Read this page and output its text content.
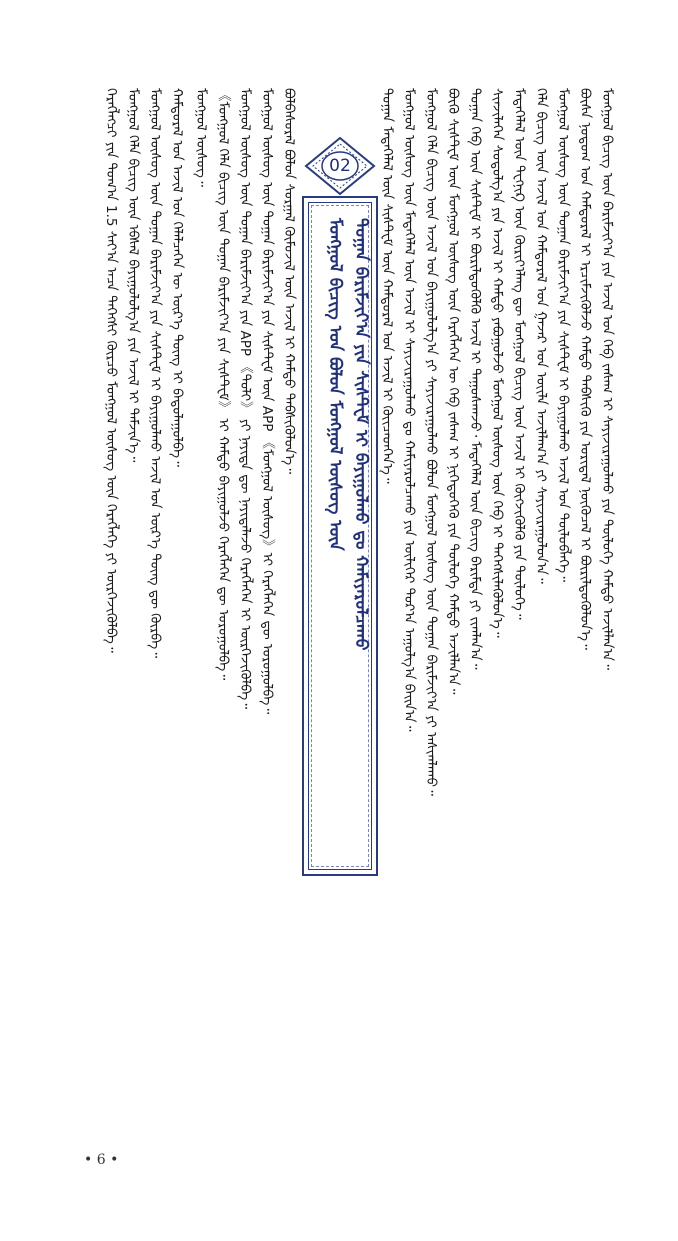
ᠮᠣᠩᠭᠣᠯ ᠦᠰᠦᠭ ᠦᠨ ᠮᠡᠳᠡᠭᠡᠯᠡᠯ ᠦᠨ ᠠᠵᠢᠯ ᠢ ᠰᠠᠶᠢᠵᠢᠷᠠᠭᠤᠯᠬᠤ ᠳᠤ ᠬᠠᠮᠢᠶᠠᠷᠤᠯᠴᠠᠬᠤ ᠶᠢᠨ ᠦᠯᠢᠭᠡᠷ ᠳᠣᠷ᠎ᠠ ᠠᠭᠤᠯᠭ᠎ᠠ ᠪᠠᠢᠨ᠎ᠠ᠃ ᠮᠣᠩᠭᠣᠯ ᠬᠡᠯᠡ ᠪᠢᠴᠢᠭ ᠦᠨ ᠠᠵᠢᠯ ᠤᠨ ᠪᠠᠶᠢᠭᠤᠯᠤᠯᠭ᠎ᠠ ᠶᠢ ᠰᠠᠶᠢᠵᠢᠷᠠᠭᠤᠯᠬᠤ ᠪᠣᠯᠤᠨ ᠮᠣᠩᠭᠣᠯ ᠦᠰᠦᠭ ᠦᠨ ᠲᠣᠭᠠᠨ ᠪᠠᠷᠢᠮᠵᠢᠶ᠎ᠠ ᠶᠢ ᠠᠰᠢᠭᠯᠠᠬᠤ᠃ ᠪᠦᠬᠦ ᠰᠢᠰᠲ᠋ᠧᠮ ᠦᠨ ᠮᠣᠩᠭᠣᠯ ᠦᠰᠦᠭ ᠦᠨ ᠬᠡᠷᠡᠭᠯᠡᠭᠡᠨ ᠦ ᠬᠡᠪ ᠵᠠᠰᠠᠭ ᠢ ᠨᠢᠭᠡᠳᠦᠭᠡᠬᠦ ᠶᠢᠨ ᠲᠥᠯᠥᠭᠡ ᠬᠠᠮᠲᠤ ᠠᠵᠢᠯᠯᠠᠨ᠎ᠠ᠃ ᠲᠣᠭᠠᠨ ᠬᠡᠪ ᠦᠨ ᠰᠢᠰᠲ᠋ᠧᠮ ᠢ ᠪᠦᠷᠢᠯᠳᠦᠭᠦᠯᠬᠦ ᠠᠵᠢᠯ ᠢ ᠳᠠᠭᠤᠰᠬᠠᠵᠤ᠂ ᠮᠡᠳᠡᠭᠡᠯᠡᠯ ᠦᠨ ᠪᠢᠴᠢᠭ ᠪᠠᠷᠢᠮᠲᠠ ᠶᠢ ᠵᠢᠭᠯᠠᠨ᠎ᠠ᠃ ᠰᠢᠨᠵᠢᠯᠡᠭᠡᠨ ᠰᠤᠳᠤᠯᠭ᠎ᠠ ᠶᠢᠨ ᠠᠵᠢᠯ ᠢ ᠬᠠᠮᠲᠤ ᠶᠠᠪᠤᠭᠤᠯᠵᠤ ᠮᠣᠩᠭᠣᠯ ᠦᠰᠦᠭ ᠦᠨ ᠬᠡᠪ ᠢ ᠳᠡᠭᠡᠭᠰᠢᠯᠡᠭᠦᠯᠦᠨ᠎ᠡ᠃ ᠮᠡᠳᠡᠭᠡᠯᠡᠯ ᠦᠨ ᠲᠧᠬᠨᠢᠺ ᠦᠨ ᠬᠦᠷᠢᠶ᠎ᠡᠯᠡᠩ ᠳᠦ ᠮᠣᠩᠭᠣᠯ ᠪᠢᠴᠢᠭ ᠦᠨ ᠠᠵᠢᠯ ᠢ ᠬᠥᠭᠵᠢᠭᠦᠯᠬᠦ ᠶᠢᠨ ᠲᠥᠯᠥᠭᠡ᠃ ᠬᠡᠯᠡ ᠪᠢᠴᠢᠭ ᠦᠨ ᠠᠵᠢᠯ ᠤᠨ ᠬᠠᠮᠲᠤᠷᠠᠯ ᠤᠨ ᠭᠠᠵᠠᠷ ᠤᠨ ᠦᠢᠯᠡ ᠠᠵᠢᠯᠯᠠᠭ᠎ᠠ ᠶᠢ ᠰᠠᠶᠢᠵᠢᠷᠠᠭᠤᠯᠤᠨ᠎ᠠ᠃ ᠮᠣᠩᠭᠣᠯ ᠦᠰᠦᠭ ᠦᠨ ᠲᠣᠭᠠᠨ ᠪᠠᠷᠢᠮᠵᠢᠶ᠎ᠠ ᠶᠢᠨ ᠰᠢᠰᠲ᠋ᠧᠮ ᠢ ᠪᠠᠶᠢᠭᠤᠯᠬᠤ ᠠᠵᠢᠯ ᠤᠨ ᠲᠥᠯᠥᠪᠯᠡᠭᠡ᠃ ᠪᠦᠰᠡ ᠨᠤᠲᠤᠭ ᠤᠨ ᠬᠠᠮᠲᠤᠷᠠᠯ ᠢ ᠡᠷᠴᠢᠮᠵᠢᠭᠦᠯᠵᠦ ᠬᠠᠮᠲᠤ ᠳᠡᠪᠰᠢᠬᠦ ᠶᠢᠨ ᠤᠷᠢᠳᠠᠯ ᠨᠥᠬᠦᠴᠡᠯ ᠢ ᠪᠦᠷᠢᠯᠳᠦᠭᠦᠯᠦᠨ᠎ᠡ᠃ ᠮᠣᠩᠭᠣᠯ ᠪᠢᠴᠢᠭ ᠦᠨ ᠪᠠᠷᠢᠮᠵᠢᠶ᠎ᠠ ᠶᠢᠨ ᠠᠵᠢᠯ ᠤᠨ ᠬᠡᠪ ᠵᠠᠰᠠᠭ ᠢ ᠰᠠᠶᠢᠵᠢᠷᠠᠭᠤᠯᠬᠤ ᠶᠢᠨ ᠲᠥᠯᠥᠭᠡ ᠬᠠᠮᠲᠤ ᠠᠵᠢᠯᠯᠠᠨ᠎ᠠ᠃
ᠲᠣᠭᠠᠨ ᠮᠡᠳᠡᠭᠡᠯᠡᠯ ᠦᠨ ᠰᠢᠰᠲ᠋ᠧᠮ ᠦᠨ ᠬᠠᠮᠲᠤᠷᠠᠯ ᠤᠨ ᠠᠵᠢᠯ ᠢ ᠭᠦᠢᠴᠡᠳᠬᠡᠨ᠎ᠡ᠃
02
ᠮᠣᠩᠭᠣᠯ ᠪᠢᠴᠢᠭ ᠤᠨ ᠪᠣᠯᠤᠨ ᠮᠣᠩᠭᠣᠯ ᠦᠰᠦᠭ ᠦᠨ ᠲᠣᠭᠠᠨ ᠪᠠᠷᠢᠮᠵᠢᠶ᠎ᠠ ᠶᠢᠨ ᠰᠢᠰᠲ᠋ᠧᠮ ᠢ ᠪᠠᠶᠢᠭᠤᠯᠬᠤ ᠳᠤ ᠬᠠᠮᠢᠶᠠᠷᠤᠯᠴᠠᠬᠤ
ᠪᠣᠯᠪᠠᠰᠤᠷᠠᠯ ᠪᠣᠯᠤᠨ ᠰᠤᠷᠭᠠᠯ ᠬᠦᠮᠦᠵᠢᠯ ᠦᠨ ᠠᠵᠢᠯ ᠢ ᠬᠠᠮᠲᠤ ᠳᠡᠪᠰᠢᠭᠦᠯᠦᠨ᠎ᠡ᠃
ᠮᠣᠩᠭᠣᠯ ᠦᠰᠦᠭ ᠦᠨ ᠲᠣᠭᠠᠨ ᠪᠠᠷᠢᠮᠵᠢᠶ᠎ᠠ ᠶᠢᠨ ᠰᠢᠰᠲ᠋ᠧᠮ ᠦᠨ APP 《ᠮᠣᠩᠭᠣᠯ ᠦᠰᠦᠭ》ᠢ ᠬᠡᠷᠡᠭᠯᠡᠭᠡᠨ ᠳᠦ ᠣᠷᠣᠭᠤᠯᠪᠠ᠃
ᠮᠣᠩᠭᠣᠯ ᠦᠰᠦᠭ ᠦᠨ ᠲᠣᠭᠠᠨ ᠪᠠᠷᠢᠮᠵᠢᠶ᠎ᠠ ᠶᠢᠨ APP 《ᠲᠣᠯᠢ》 ᠶᠢ ᠨᠡᠶᠢᠲᠡ ᠳᠦ ᠨᠡᠶᠢᠲᠡᠯᠡᠵᠦ ᠬᠡᠷᠡᠭᠯᠡᠭᠡᠨ ᠢ ᠥᠷᠭᠡᠵᠢᠭᠦᠯᠪᠡ᠃
《ᠮᠣᠩᠭᠣᠯ ᠬᠡᠯᠡ ᠪᠢᠴᠢᠭ ᠦᠨ ᠲᠣᠭᠠᠨ ᠪᠠᠷᠢᠮᠵᠢᠶ᠎ᠠ ᠶᠢᠨ ᠰᠢᠰᠲ᠋ᠧᠮ》 ᠢ ᠬᠠᠮᠲᠤ ᠪᠠᠶᠢᠭᠤᠯᠵᠤ ᠬᠡᠷᠡᠭᠯᠡᠭᠡᠨ ᠳᠦ ᠣᠷᠣᠭᠤᠯᠪᠠ᠃
ᠮᠣᠩᠭᠣᠯ ᠦᠰᠦᠭ᠃
ᠬᠠᠮᠲᠤᠷᠠᠯ ᠤᠨ ᠠᠵᠢᠯ ᠤᠨ ᠬᠡᠯᠡᠯᠴᠡᠭᠡᠨ ᠦ ᠦᠷ᠎ᠡ ᠳᠦᠩ ᠢ ᠪᠠᠲᠤᠯᠠᠭᠤᠯᠪᠠ᠃
ᠮᠣᠩᠭᠣᠯ ᠦᠰᠦᠭ ᠦᠨ ᠲᠣᠭᠠᠨ ᠪᠠᠷᠢᠮᠵᠢᠶ᠎ᠠ ᠶᠢᠨ ᠰᠢᠰᠲ᠋ᠧᠮ ᠢ ᠪᠠᠶᠢᠭᠤᠯᠬᠤ ᠠᠵᠢᠯ ᠤᠨ ᠦᠷ᠎ᠡ ᠳᠦᠩ ᠳᠦ ᠬᠦᠷᠪᠡ᠃
ᠮᠣᠩᠭᠣᠯ ᠬᠡᠯᠡ ᠪᠢᠴᠢᠭ ᠦᠨ ᠡᠪᠰᠡᠯ ᠪᠠᠶᠢᠭᠤᠯᠤᠯᠭ᠎ᠠ ᠶᠢᠨ ᠠᠵᠢᠯ ᠢ ᠳᠡᠮᠵᠢᠨ᠎ᠡ᠃
ᠬᠡᠷᠡᠭᠯᠡᠭᠴᠢ ᠶᠢᠨ ᠲᠣᠭ᠎ᠠ 1.5 ᠰᠠᠶ᠎ᠠ ᠠᠴᠠ ᠳᠡᠭᠡᠭᠰᠢ ᠬᠦᠷᠴᠦ ᠮᠣᠩᠭᠣᠯ ᠦᠰᠦᠭ ᠦᠨ ᠬᠡᠷᠡᠭᠯᠡᠭᠡ ᠶᠢ ᠥᠷᠭᠡᠵᠢᠭᠦᠯᠪᠡ᠃
• 6 •
